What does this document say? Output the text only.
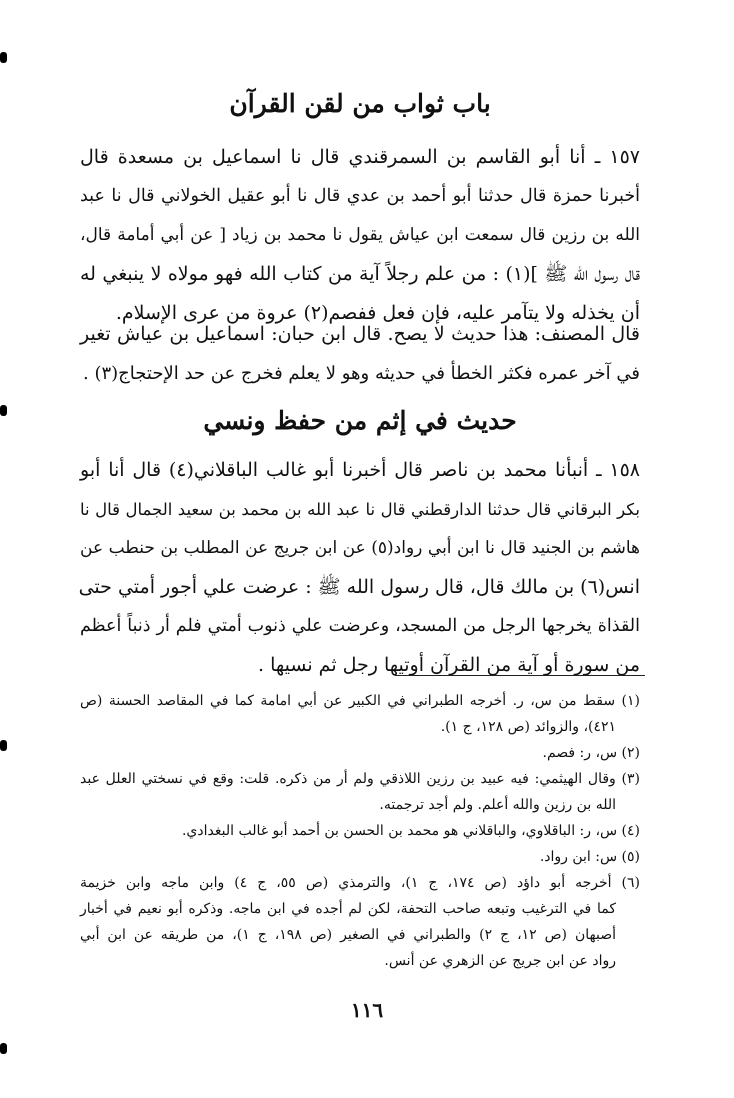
باب ثواب من لقن القرآن
١٥٧ ـ أنا أبو القاسم بن السمرقندي قال نا اسماعيل بن مسعدة قال
أخبرنا حمزة قال حدثنا أبو أحمد بن عدي قال نا أبو عقيل الخولاني قال نا عبد
الله بن رزين قال سمعت ابن عياش يقول نا محمد بن زياد [ عن أبي أمامة قال،
قال رسول الله ﷺ ](١) : من علم رجلاً آية من كتاب الله فهو مولاه لا ينبغي له
أن يخذله ولا يتآمر عليه، فإن فعل ففصم(٢) عروة من عرى الإسلام.
قال المصنف: هذا حديث لا يصح. قال ابن حبان: اسماعيل بن عياش تغير
في آخر عمره فكثر الخطأ في حديثه وهو لا يعلم فخرج عن حد الإحتجاج(٣) .
حديث في إثم من حفظ ونسي
١٥٨ ـ أنبأنا محمد بن ناصر قال أخبرنا أبو غالب الباقلاني(٤) قال أنا أبو
بكر البرقاني قال حدثنا الدارقطني قال نا عبد الله بن محمد بن سعيد الجمال قال نا
هاشم بن الجنيد قال نا ابن أبي رواد(٥) عن ابن جريج عن المطلب بن حنطب عن
انس(٦) بن مالك قال، قال رسول الله ﷺ : عرضت علي أجور أمتي حتى
القذاة يخرجها الرجل من المسجد، وعرضت علي ذنوب أمتي فلم أر ذنباً أعظم
من سورة أو آية من القرآن أوتيها رجل ثم نسيها .
(١) سقط من س، ر. أخرجه الطبراني في الكبير عن أبي امامة كما في المقاصد الحسنة (ص
٤٢١)، والزوائد (ص ١٢٨، ج ١).
(٢) س، ر: فصم.
(٣) وقال الهيثمي: فيه عبيد بن رزين اللاذقي ولم أر من ذكره. قلت: وقع في نسختي العلل عبد
الله بن رزين والله أعلم. ولم أجد ترجمته.
(٤) س، ر: الباقلاوي، والباقلاني هو محمد بن الحسن بن أحمد أبو غالب البغدادي.
(٥) س: ابن رواد.
(٦) أخرجه أبو داؤد (ص ١٧٤، ج ١)، والترمذي (ص ٥٥، ج ٤) وابن ماجه وابن خزيمة
كما في الترغيب وتبعه صاحب التحفة، لكن لم أجده في ابن ماجه. وذكره أبو نعيم في أخبار
أصبهان (ص ١٢، ج ٢) والطبراني في الصغير (ص ١٩٨، ج ١)، من طريقه عن ابن أبي
رواد عن ابن جريج عن الزهري عن أنس.
١١٦
